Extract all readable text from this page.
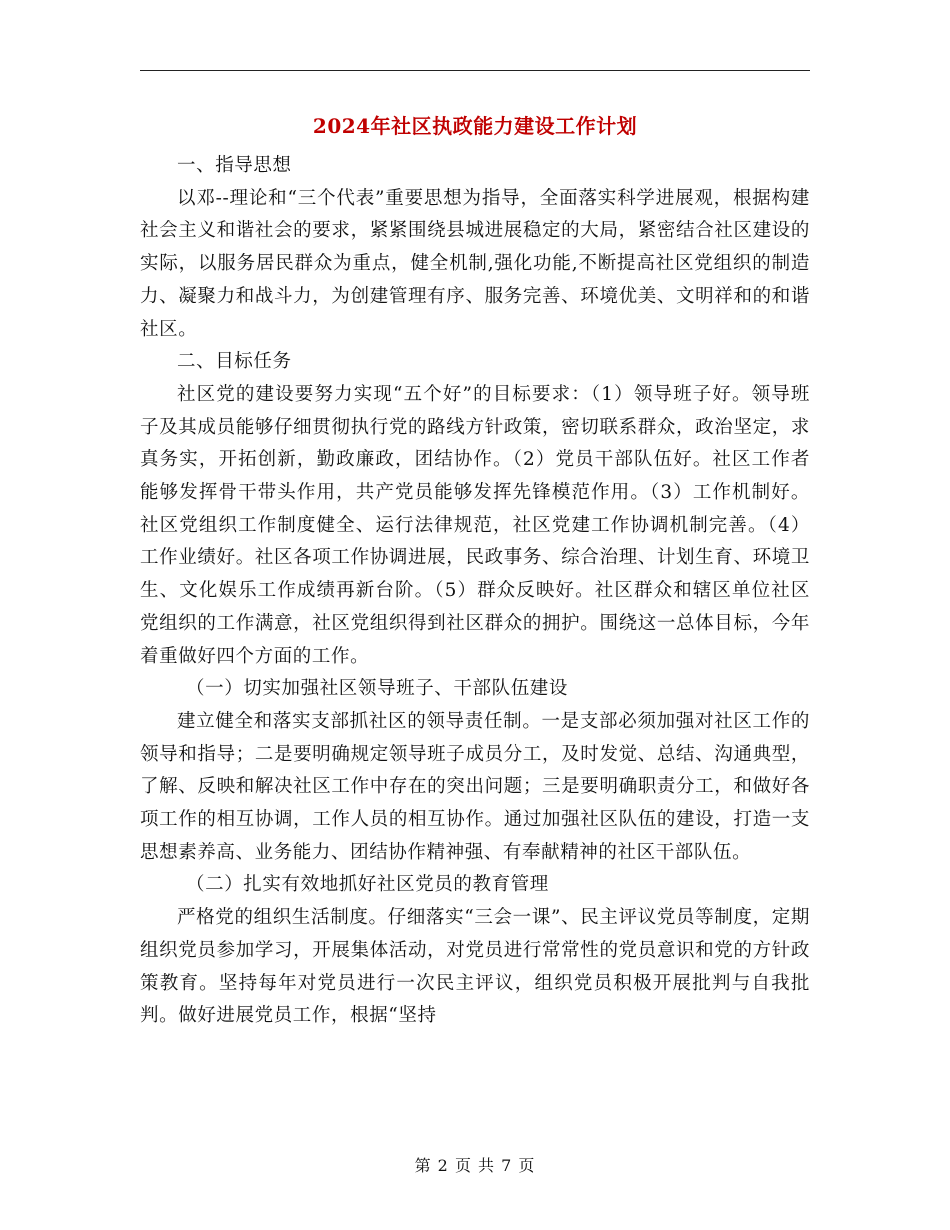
2024年社区执政能力建设工作计划

一、指导思想

以邓--理论和“三个代表”重要思想为指导，全面落实科学进展观，根据构建社会主义和谐社会的要求，紧紧围绕县城进展稳定的大局，紧密结合社区建设的实际，以服务居民群众为重点，健全机制,强化功能,不断提高社区党组织的制造力、凝聚力和战斗力，为创建管理有序、服务完善、环境优美、文明祥和的和谐社区。

二、目标任务

社区党的建设要努力实现“五个好”的目标要求：（1）领导班子好。领导班子及其成员能够仔细贯彻执行党的路线方针政策，密切联系群众，政治坚定，求真务实，开拓创新，勤政廉政，团结协作。（2）党员干部队伍好。社区工作者能够发挥骨干带头作用，共产党员能够发挥先锋模范作用。（3）工作机制好。社区党组织工作制度健全、运行法律规范，社区党建工作协调机制完善。（4）工作业绩好。社区各项工作协调进展，民政事务、综合治理、计划生育、环境卫生、文化娱乐工作成绩再新台阶。（5）群众反映好。社区群众和辖区单位社区党组织的工作满意，社区党组织得到社区群众的拥护。围绕这一总体目标，今年着重做好四个方面的工作。

（一）切实加强社区领导班子、干部队伍建设

建立健全和落实支部抓社区的领导责任制。一是支部必须加强对社区工作的领导和指导；二是要明确规定领导班子成员分工，及时发觉、总结、沟通典型，了解、反映和解决社区工作中存在的突出问题；三是要明确职责分工，和做好各项工作的相互协调，工作人员的相互协作。通过加强社区队伍的建设，打造一支思想素养高、业务能力、团结协作精神强、有奉献精神的社区干部队伍。

（二）扎实有效地抓好社区党员的教育管理

严格党的组织生活制度。仔细落实“三会一课”、民主评议党员等制度，定期组织党员参加学习，开展集体活动，对党员进行常常性的党员意识和党的方针政策教育。坚持每年对党员进行一次民主评议，组织党员积极开展批判与自我批判。做好进展党员工作，根据“坚持

第 2 页 共 7 页
